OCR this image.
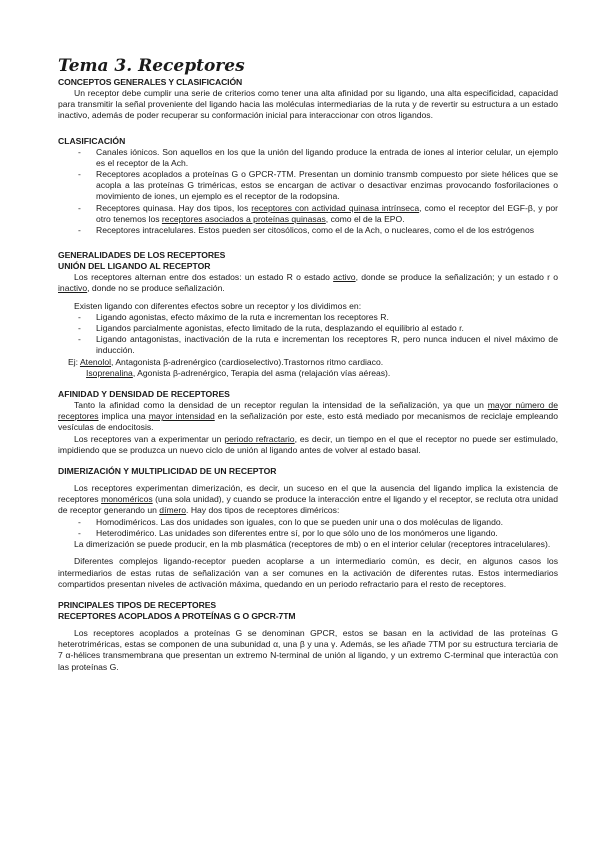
Tema 3. Receptores
CONCEPTOS GENERALES Y CLASIFICACIÓN

Un receptor debe cumplir una serie de criterios como tener una alta afinidad por su ligando, una alta especificidad, capacidad para transmitir la señal proveniente del ligando hacia las moléculas intermediarias de la ruta y de revertir su estructura a un estado inactivo, además de poder recuperar su conformación inicial para interaccionar con otros ligandos.

CLASIFICACIÓN
- Canales iónicos. Son aquellos en los que la unión del ligando produce la entrada de iones al interior celular, un ejemplo es el receptor de la Ach.
- Receptores acoplados a proteínas G o GPCR-7TM. Presentan un dominio transmb compuesto por siete hélices que se acopla a las proteínas G triméricas, estos se encargan de activar o desactivar enzimas provocando fosforilaciones o movimiento de iones, un ejemplo es el receptor de la rodopsina.
- Receptores quinasa. Hay dos tipos, los receptores con actividad quinasa intrínseca, como el receptor del EGF-β, y por otro tenemos los receptores asociados a proteínas quinasas, como el de la EPO.
- Receptores intracelulares. Estos pueden ser citosólicos, como el de la Ach, o nucleares, como el de los estrógenos
GENERALIDADES DE LOS RECEPTORES
UNIÓN DEL LIGANDO AL RECEPTOR

Los receptores alternan entre dos estados: un estado R o estado activo, donde se produce la señalización; y un estado r o inactivo, donde no se produce señalización.

Existen ligando con diferentes efectos sobre un receptor y los dividimos en:

- Ligando agonistas, efecto máximo de la ruta e incrementan los receptores R.
- Ligandos parcialmente agonistas, efecto limitado de la ruta, desplazando el equilibrio al estado r.
- Ligando antagonistas, inactivación de la ruta e incrementan los receptores R, pero nunca inducen el nivel máximo de inducción.
Ej: Atenolol, Antagonista β-adrenérgico (cardioselectivo).Trastornos ritmo cardiaco.
Isoprenalina, Agonista β-adrenérgico, Terapia del asma (relajación vías aéreas).
AFINIDAD Y DENSIDAD DE RECEPTORES

Tanto la afinidad como la densidad de un receptor regulan la intensidad de la señalización, ya que un mayor número de receptores implica una mayor intensidad en la señalización por este, esto está mediado por mecanismos de reciclaje empleando vesículas de endocitosis.

Los receptores van a experimentar un periodo refractario, es decir, un tiempo en el que el receptor no puede ser estimulado, impidiendo que se produzca un nuevo ciclo de unión al ligando antes de volver al estado basal.

DIMERIZACIÓN Y MULTIPLICIDAD DE UN RECEPTOR

Los receptores experimentan dimerización, es decir, un suceso en el que la ausencia del ligando implica la existencia de receptores monoméricos (una sola unidad), y cuando se produce la interacción entre el ligando y el receptor, se recluta otra unidad de receptor generando un dímero. Hay dos tipos de receptores diméricos:

- Homodiméricos. Las dos unidades son iguales, con lo que se pueden unir una o dos moléculas de ligando.
- Heterodimérico. Las unidades son diferentes entre sí, por lo que sólo uno de los monómeros une ligando.

La dimerización se puede producir, en la mb plasmática (receptores de mb) o en el interior celular (receptores intracelulares).

Diferentes complejos ligando-receptor pueden acoplarse a un intermediario común, es decir, en algunos casos los intermediarios de estas rutas de señalización van a ser comunes en la activación de diferentes rutas. Estos intermediarios compartidos presentan niveles de activación máxima, quedando en un periodo refractario para el resto de receptores.

PRINCIPALES TIPOS DE RECEPTORES
RECEPTORES ACOPLADOS A PROTEÍNAS G O GPCR-7TM

Los receptores acoplados a proteínas G se denominan GPCR, estos se basan en la actividad de las proteínas G heterotriméricas, estas se componen de una subunidad α, una β y una γ. Además, se les añade 7TM por su estructura terciaria de 7 α-hélices transmembrana que presentan un extremo N-terminal de unión al ligando, y un extremo C-terminal que interactúa con las proteínas G.
